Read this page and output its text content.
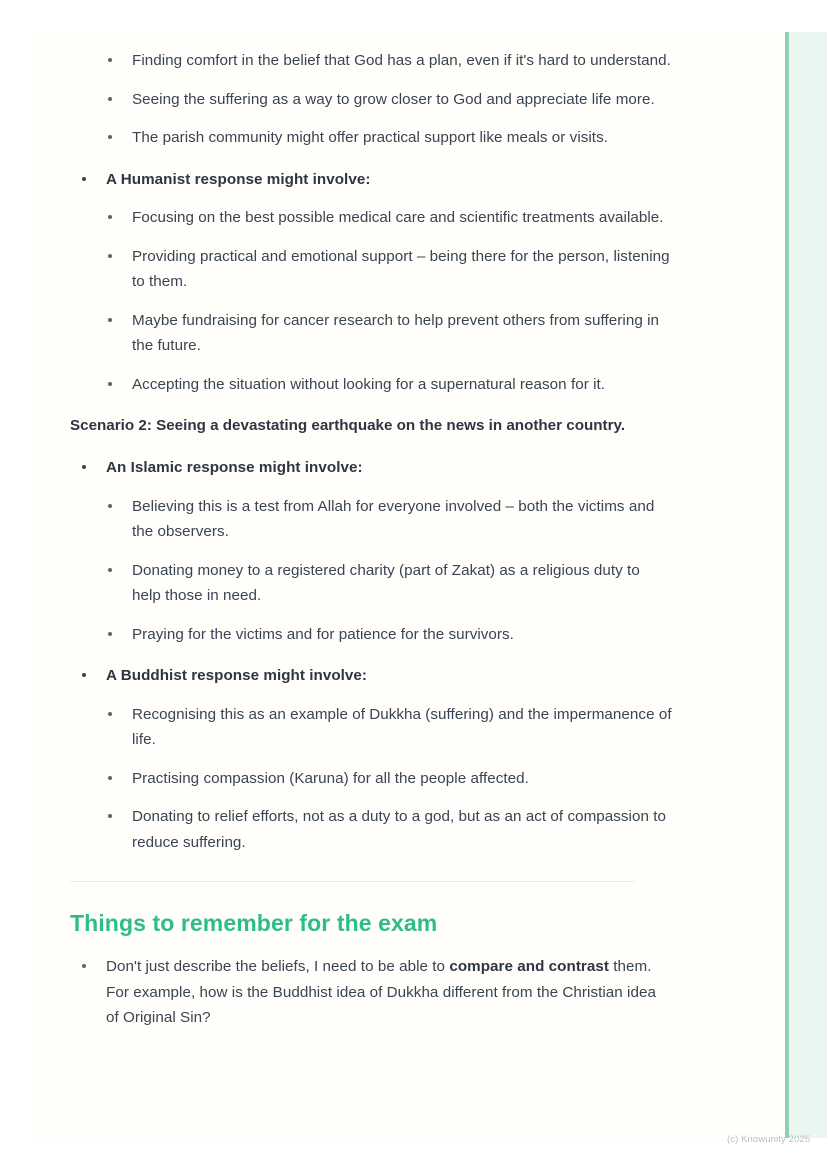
Finding comfort in the belief that God has a plan, even if it's hard to understand.
Seeing the suffering as a way to grow closer to God and appreciate life more.
The parish community might offer practical support like meals or visits.
A Humanist response might involve:
Focusing on the best possible medical care and scientific treatments available.
Providing practical and emotional support – being there for the person, listening to them.
Maybe fundraising for cancer research to help prevent others from suffering in the future.
Accepting the situation without looking for a supernatural reason for it.

Scenario 2: Seeing a devastating earthquake on the news in another country.

An Islamic response might involve:
Believing this is a test from Allah for everyone involved – both the victims and the observers.
Donating money to a registered charity (part of Zakat) as a religious duty to help those in need.
Praying for the victims and for patience for the survivors.
A Buddhist response might involve:
Recognising this as an example of Dukkha (suffering) and the impermanence of life.
Practising compassion (Karuna) for all the people affected.
Donating to relief efforts, not as a duty to a god, but as an act of compassion to reduce suffering.
Things to remember for the exam
Don't just describe the beliefs, I need to be able to compare and contrast them. For example, how is the Buddhist idea of Dukkha different from the Christian idea of Original Sin?
(c) Knowunity 2025
